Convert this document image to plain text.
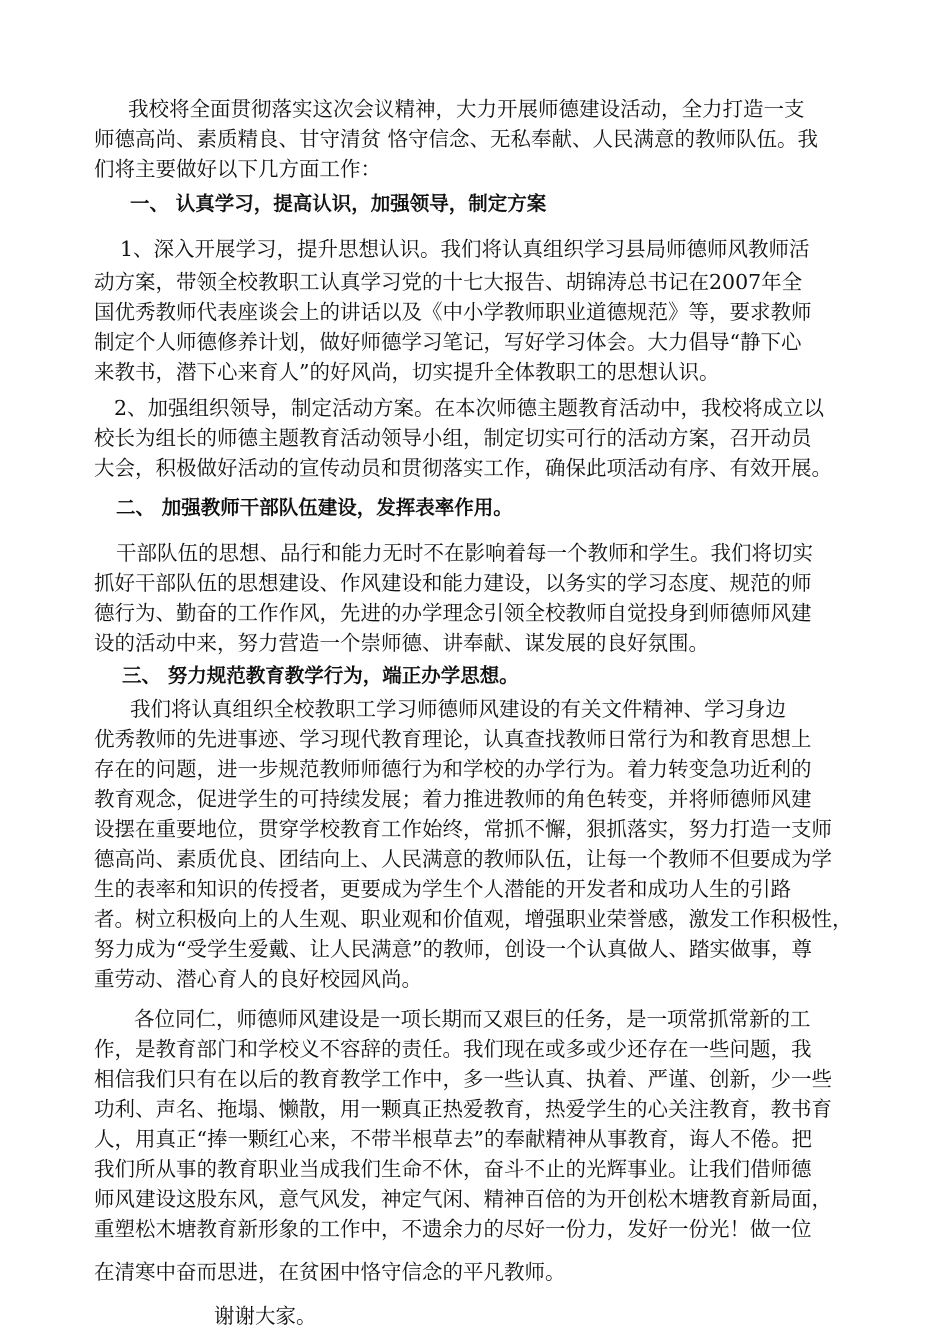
我校将全面贯彻落实这次会议精神，大力开展师德建设活动，全力打造一支
师德高尚、素质精良、甘守清贫 恪守信念、无私奉献、人民满意的教师队伍。我
们将主要做好以下几方面工作：
一、 认真学习，提高认识，加强领导，制定方案
1、深入开展学习，提升思想认识。我们将认真组织学习县局师德师风教师活
动方案，带领全校教职工认真学习党的十七大报告、胡锦涛总书记在2007年全
国优秀教师代表座谈会上的讲话以及《中小学教师职业道德规范》等，要求教师
制定个人师德修养计划，做好师德学习笔记，写好学习体会。大力倡导“静下心
来教书，潜下心来育人”的好风尚，切实提升全体教职工的思想认识。
2、加强组织领导，制定活动方案。在本次师德主题教育活动中，我校将成立以
校长为组长的师德主题教育活动领导小组，制定切实可行的活动方案，召开动员
大会，积极做好活动的宣传动员和贯彻落实工作，确保此项活动有序、有效开展。
二、 加强教师干部队伍建设，发挥表率作用。
干部队伍的思想、品行和能力无时不在影响着每一个教师和学生。我们将切实
抓好干部队伍的思想建设、作风建设和能力建设，以务实的学习态度、规范的师
德行为、勤奋的工作作风，先进的办学理念引领全校教师自觉投身到师德师风建
设的活动中来，努力营造一个崇师德、讲奉献、谋发展的良好氛围。
三、 努力规范教育教学行为，端正办学思想。
我们将认真组织全校教职工学习师德师风建设的有关文件精神、学习身边
优秀教师的先进事迹、学习现代教育理论，认真查找教师日常行为和教育思想上
存在的问题，进一步规范教师师德行为和学校的办学行为。着力转变急功近利的
教育观念，促进学生的可持续发展；着力推进教师的角色转变，并将师德师风建
设摆在重要地位，贯穿学校教育工作始终，常抓不懈，狠抓落实，努力打造一支师
德高尚、素质优良、团结向上、人民满意的教师队伍，让每一个教师不但要成为学
生的表率和知识的传授者，更要成为学生个人潜能的开发者和成功人生的引路
者。树立积极向上的人生观、职业观和价值观，增强职业荣誉感，激发工作积极性，
努力成为“受学生爱戴、让人民满意”的教师，创设一个认真做人、踏实做事，尊
重劳动、潜心育人的良好校园风尚。
各位同仁，师德师风建设是一项长期而又艰巨的任务，是一项常抓常新的工
作，是教育部门和学校义不容辞的责任。我们现在或多或少还存在一些问题，我
相信我们只有在以后的教育教学工作中，多一些认真、执着、严谨、创新，少一些
功利、声名、拖塌、懒散，用一颗真正热爱教育，热爱学生的心关注教育，教书育
人，用真正“捧一颗红心来，不带半根草去”的奉献精神从事教育，诲人不倦。把
我们所从事的教育职业当成我们生命不休，奋斗不止的光辉事业。让我们借师德
师风建设这股东风，意气风发，神定气闲、精神百倍的为开创松木塘教育新局面，
重塑松木塘教育新形象的工作中，不遗余力的尽好一份力，发好一份光！做一位
在清寒中奋而思进，在贫困中恪守信念的平凡教师。
谢谢大家。
